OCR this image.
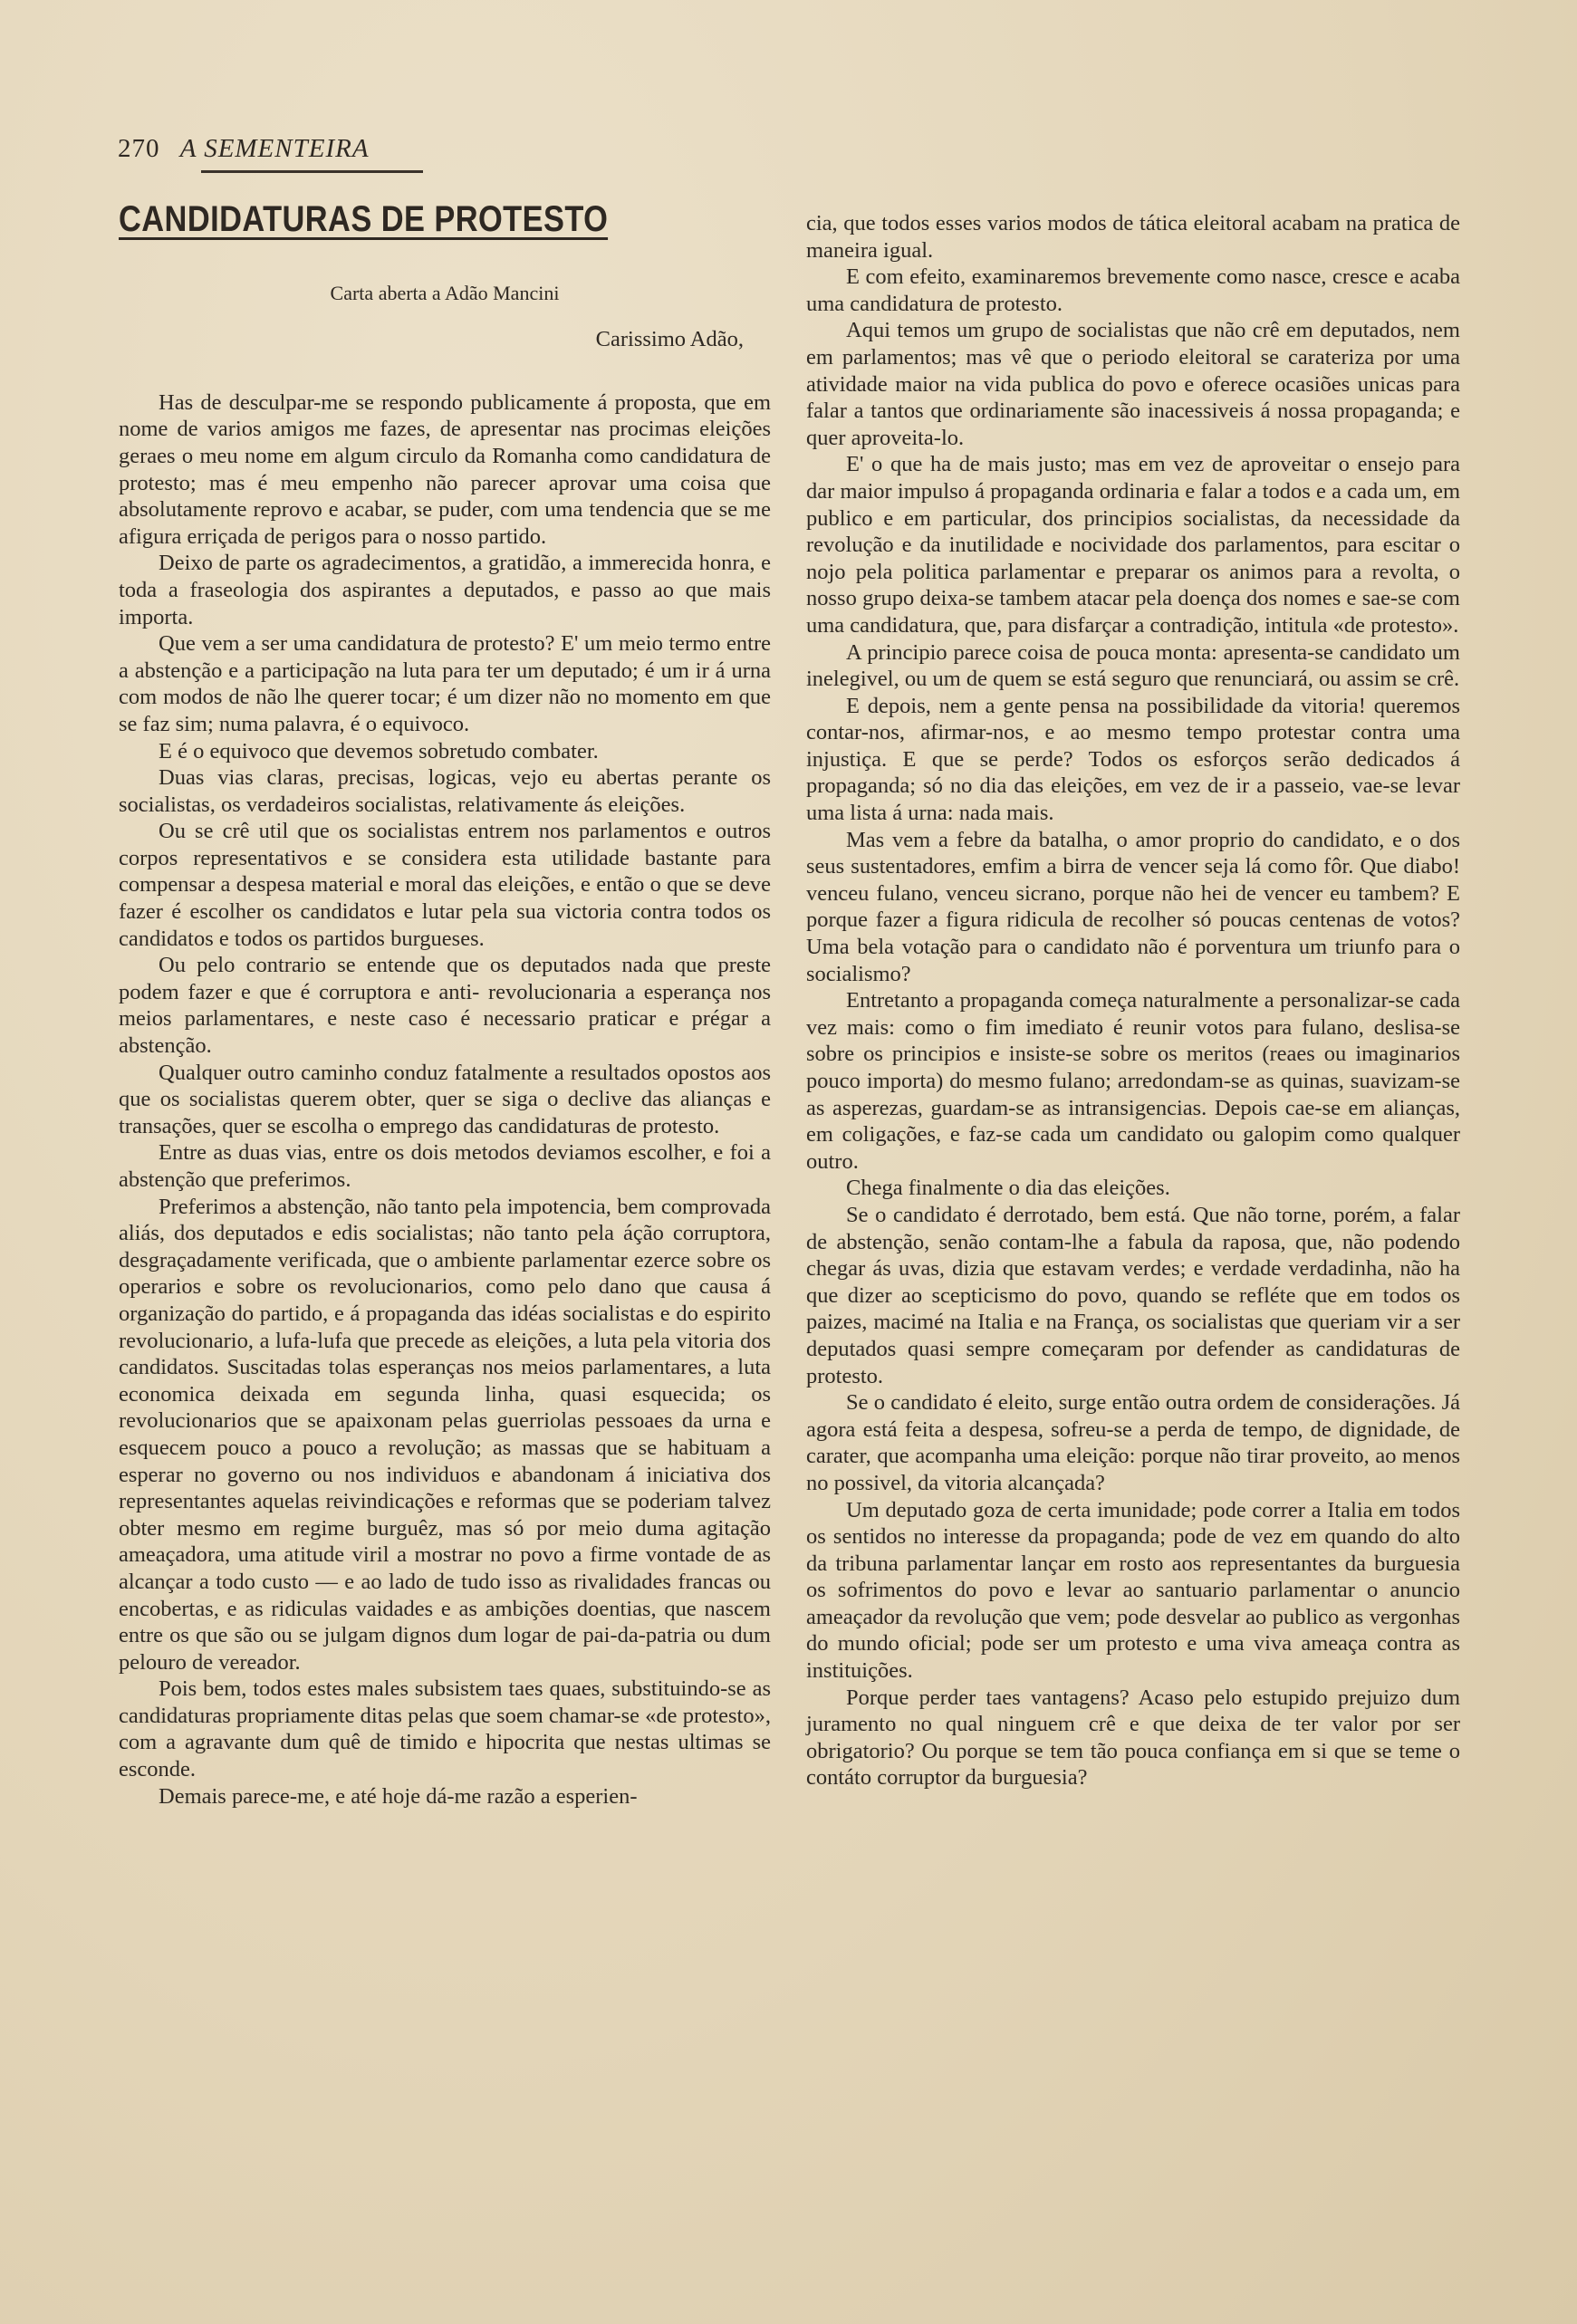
270 A SEMENTEIRA
CANDIDATURAS DE PROTESTO
Carta aberta a Adão Mancini
Carissimo Adão,

Has de desculpar-me se respondo publicamente á proposta, que em nome de varios amigos me fazes, de apresentar nas procimas eleições geraes o meu nome em algum circulo da Romanha como candidatura de protesto; mas é meu empenho não parecer aprovar uma coisa que absolutamente reprovo e acabar, se puder, com uma tendencia que se me afigura erriçada de perigos para o nosso partido.

Deixo de parte os agradecimentos, a gratidão, a immerecida honra, e toda a fraseologia dos aspirantes a deputados, e passo ao que mais importa.

Que vem a ser uma candidatura de protesto? E' um meio termo entre a abstenção e a participação na luta para ter um deputado; é um ir á urna com modos de não lhe querer tocar; é um dizer não no momento em que se faz sim; numa palavra, é o equivoco.

E é o equivoco que devemos sobretudo combater.

Duas vias claras, precisas, logicas, vejo eu abertas perante os socialistas, os verdadeiros socialistas, relativamente ás eleições.

Ou se crê util que os socialistas entrem nos parlamentos e outros corpos representativos e se considera esta utilidade bastante para compensar a despesa material e moral das eleições, e então o que se deve fazer é escolher os candidatos e lutar pela sua victoria contra todos os candidatos e todos os partidos burgueses.

Ou pelo contrario se entende que os deputados nada que preste podem fazer e que é corruptora e anti- revolucionaria a esperança nos meios parlamentares, e neste caso é necessario praticar e prégar a abstenção.

Qualquer outro caminho conduz fatalmente a resultados opostos aos que os socialistas querem obter, quer se siga o declive das alianças e transações, quer se escolha o emprego das candidaturas de protesto.

Entre as duas vias, entre os dois metodos deviamos escolher, e foi a abstenção que preferimos.

Preferimos a abstenção, não tanto pela impotencia, bem comprovada aliás, dos deputados e edis socialistas; não tanto pela áção corruptora, desgraçadamente verificada, que o ambiente parlamentar ezerce sobre os operarios e sobre os revolucionarios, como pelo dano que causa á organização do partido, e á propaganda das idéas socialistas e do espirito revolucionario, a lufa-lufa que precede as eleições, a luta pela vitoria dos candidatos. Suscitadas tolas esperanças nos meios parlamentares, a luta economica deixada em segunda linha, quasi esquecida; os revolucionarios que se apaixonam pelas guerriolas pessoaes da urna e esquecem pouco a pouco a revolução; as massas que se habituam a esperar no governo ou nos individuos e abandonam á iniciativa dos representantes aquelas reivindicações e reformas que se poderiam talvez obter mesmo em regime burguêz, mas só por meio duma agitação ameaçadora, uma atitude viril a mostrar no povo a firme vontade de as alcançar a todo custo — e ao lado de tudo isso as rivalidades francas ou encobertas, e as ridiculas vaidades e as ambições doentias, que nascem entre os que são ou se julgam dignos dum logar de pai-da-patria ou dum pelouro de vereador.

Pois bem, todos estes males subsistem taes quaes, substituindo-se as candidaturas propriamente ditas pelas que soem chamar-se «de protesto», com a agravante dum quê de timido e hipocrita que nestas ultimas se esconde.

Demais parece-me, e até hoje dá-me razão a esperien-

cia, que todos esses varios modos de tática eleitoral acabam na pratica de maneira igual.

E com efeito, examinaremos brevemente como nasce, cresce e acaba uma candidatura de protesto.

Aqui temos um grupo de socialistas que não crê em deputados, nem em parlamentos; mas vê que o periodo eleitoral se carateriza por uma atividade maior na vida publica do povo e oferece ocasiões unicas para falar a tantos que ordinariamente são inacessiveis á nossa propaganda; e quer aproveita-lo.

E' o que ha de mais justo; mas em vez de aproveitar o ensejo para dar maior impulso á propaganda ordinaria e falar a todos e a cada um, em publico e em particular, dos principios socialistas, da necessidade da revolução e da inutilidade e nocividade dos parlamentos, para escitar o nojo pela politica parlamentar e preparar os animos para a revolta, o nosso grupo deixa-se tambem atacar pela doença dos nomes e sae-se com uma candidatura, que, para disfarçar a contradição, intitula «de protesto».

A principio parece coisa de pouca monta: apresenta-se candidato um inelegivel, ou um de quem se está seguro que renunciará, ou assim se crê.

E depois, nem a gente pensa na possibilidade da vitoria! queremos contar-nos, afirmar-nos, e ao mesmo tempo protestar contra uma injustiça. E que se perde? Todos os esforços serão dedicados á propaganda; só no dia das eleições, em vez de ir a passeio, vae-se levar uma lista á urna: nada mais.

Mas vem a febre da batalha, o amor proprio do candidato, e o dos seus sustentadores, emfim a birra de vencer seja lá como fôr. Que diabo! venceu fulano, venceu sicrano, porque não hei de vencer eu tambem? E porque fazer a figura ridicula de recolher só poucas centenas de votos? Uma bela votação para o candidato não é porventura um triunfo para o socialismo?

Entretanto a propaganda começa naturalmente a personalizar-se cada vez mais: como o fim imediato é reunir votos para fulano, deslisa-se sobre os principios e insiste-se sobre os meritos (reaes ou imaginarios pouco importa) do mesmo fulano; arredondam-se as quinas, suavizam-se as asperezas, guardam-se as intransigencias. Depois cae-se em alianças, em coligações, e faz-se cada um candidato ou galopim como qualquer outro.

Chega finalmente o dia das eleições.

Se o candidato é derrotado, bem está. Que não torne, porém, a falar de abstenção, senão contam-lhe a fabula da raposa, que, não podendo chegar ás uvas, dizia que estavam verdes; e verdade verdadinha, não ha que dizer ao scepticismo do povo, quando se refléte que em todos os paizes, macimé na Italia e na França, os socialistas que queriam vir a ser deputados quasi sempre começaram por defender as candidaturas de protesto.

Se o candidato é eleito, surge então outra ordem de considerações. Já agora está feita a despesa, sofreu-se a perda de tempo, de dignidade, de carater, que acompanha uma eleição: porque não tirar proveito, ao menos no possivel, da vitoria alcançada?

Um deputado goza de certa imunidade; pode correr a Italia em todos os sentidos no interesse da propaganda; pode de vez em quando do alto da tribuna parlamentar lançar em rosto aos representantes da burguesia os sofrimentos do povo e levar ao santuario parlamentar o anuncio ameaçador da revolução que vem; pode desvelar ao publico as vergonhas do mundo oficial; pode ser um protesto e uma viva ameaça contra as instituições.

Porque perder taes vantagens? Acaso pelo estupido prejuizo dum juramento no qual ninguem crê e que deixa de ter valor por ser obrigatorio? Ou porque se tem tão pouca confiança em si que se teme o contáto corruptor da burguesia?
